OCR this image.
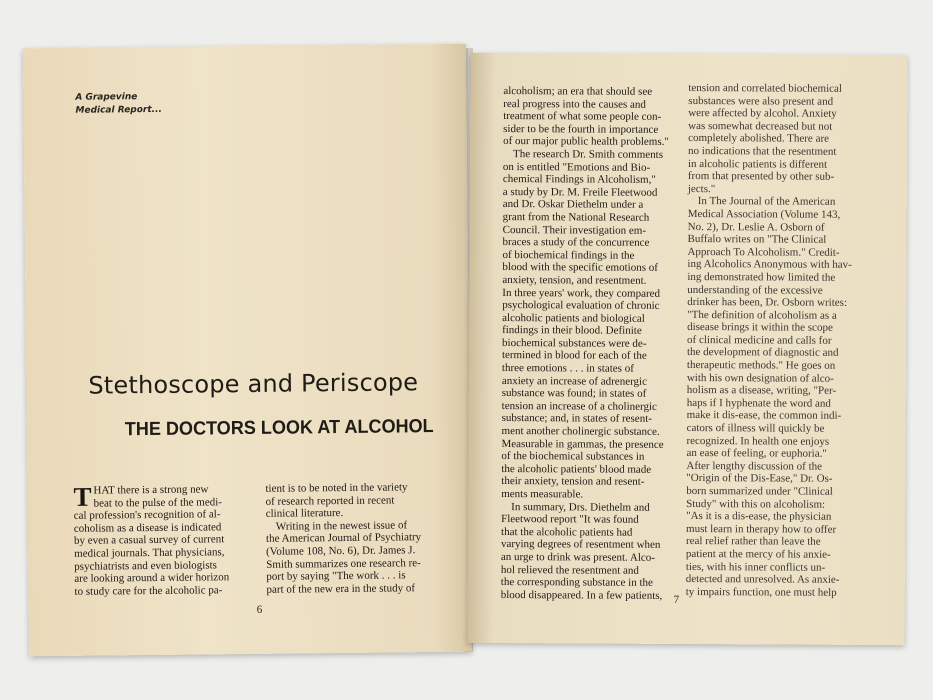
A Grapevine
Medical Report...
Stethoscope and Periscope
THE DOCTORS LOOK AT ALCOHOL
T HAT there is a strong new
beat to the pulse of the medi-
cal profession's recognition of al-
coholism as a disease is indicated
by even a casual survey of current
medical journals. That physicians,
psychiatrists and even biologists
are looking around a wider horizon
to study care for the alcoholic pa-
tient is to be noted in the variety
of research reported in recent
clinical literature.
Writing in the newest issue of
the American Journal of Psychiatry
(Volume 108, No. 6), Dr. James J.
Smith summarizes one research re-
port by saying "The work . . . is
part of the new era in the study of
6
alcoholism; an era that should see
real progress into the causes and
treatment of what some people con-
sider to be the fourth in importance
of our major public health problems."
The research Dr. Smith comments
on is entitled "Emotions and Bio-
chemical Findings in Alcoholism,"
a study by Dr. M. Freile Fleetwood
and Dr. Oskar Diethelm under a
grant from the National Research
Council. Their investigation em-
braces a study of the concurrence
of biochemical findings in the
blood with the specific emotions of
anxiety, tension, and resentment.
In three years' work, they compared
psychological evaluation of chronic
alcoholic patients and biological
findings in their blood. Definite
biochemical substances were de-
termined in blood for each of the
three emotions . . . in states of
anxiety an increase of adrenergic
substance was found; in states of
tension an increase of a cholinergic
substance; and, in states of resent-
ment another cholinergic substance.
Measurable in gammas, the presence
of the biochemical substances in
the alcoholic patients' blood made
their anxiety, tension and resent-
ments measurable.
In summary, Drs. Diethelm and
Fleetwood report "It was found
that the alcoholic patients had
varying degrees of resentment when
an urge to drink was present. Alco-
hol relieved the resentment and
the corresponding substance in the
blood disappeared. In a few patients,
tension and correlated biochemical
substances were also present and
were affected by alcohol. Anxiety
was somewhat decreased but not
completely abolished. There are
no indications that the resentment
in alcoholic patients is different
from that presented by other sub-
jects."
In The Journal of the American
Medical Association (Volume 143,
No. 2), Dr. Leslie A. Osborn of
Buffalo writes on "The Clinical
Approach To Alcoholism." Credit-
ing Alcoholics Anonymous with hav-
ing demonstrated how limited the
understanding of the excessive
drinker has been, Dr. Osborn writes:
"The definition of alcoholism as a
disease brings it within the scope
of clinical medicine and calls for
the development of diagnostic and
therapeutic methods." He goes on
with his own designation of alco-
holism as a disease, writing, "Per-
haps if I hyphenate the word and
make it dis-ease, the common indi-
cators of illness will quickly be
recognized. In health one enjoys
an ease of feeling, or euphoria."
After lengthy discussion of the
"Origin of the Dis-Ease," Dr. Os-
born summarized under "Clinical
Study" with this on alcoholism:
"As it is a dis-ease, the physician
must learn in therapy how to offer
real relief rather than leave the
patient at the mercy of his anxie-
ties, with his inner conflicts un-
detected and unresolved. As anxie-
ty impairs function, one must help
7
